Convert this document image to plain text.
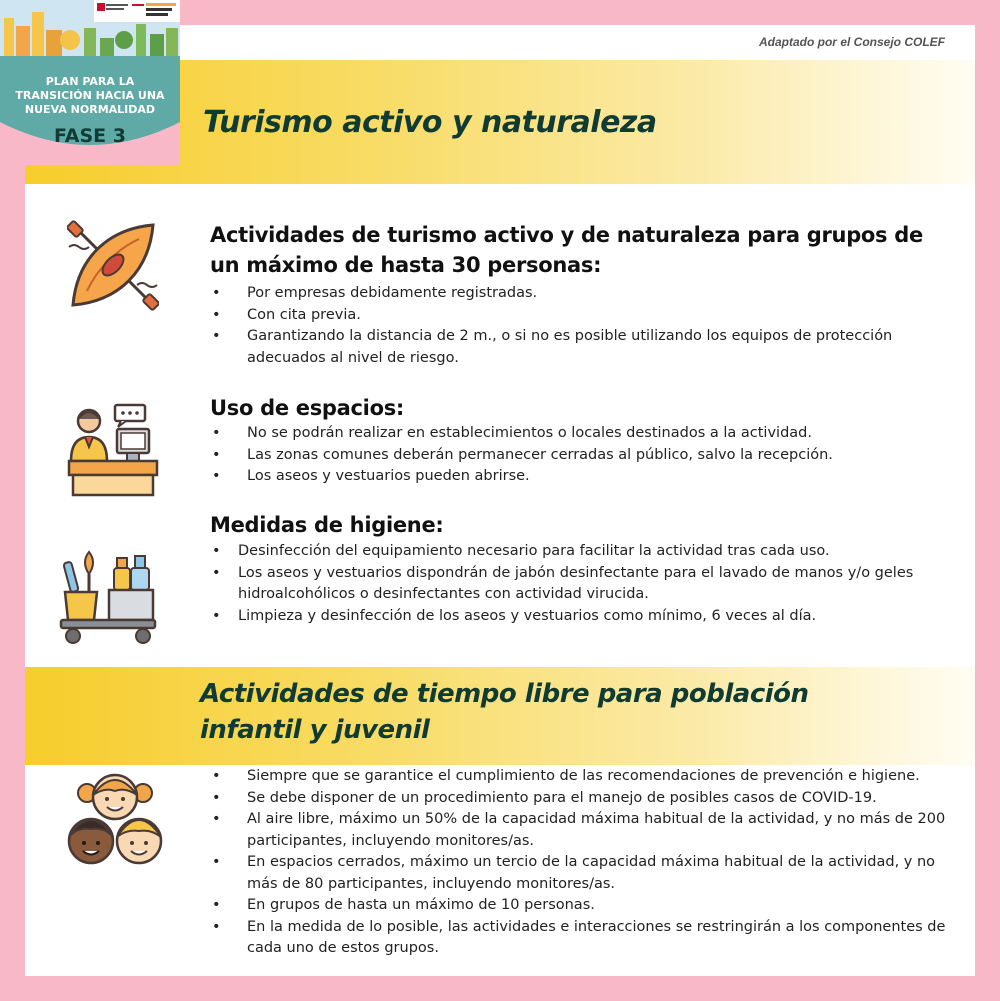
Adaptado por el Consejo COLEF
Turismo activo y naturaleza

Actividades de turismo activo y de naturaleza para grupos de un máximo de hasta 30 personas:

• Por empresas debidamente registradas.
• Con cita previa.
• Garantizando la distancia de 2 m., o si no es posible utilizando los equipos de protección adecuados al nivel de riesgo.

Uso de espacios:

• No se podrán realizar en establecimientos o locales destinados a la actividad.
• Las zonas comunes deberán permanecer cerradas al público, salvo la recepción.
• Los aseos y vestuarios pueden abrirse.

Medidas de higiene:

• Desinfección del equipamiento necesario para facilitar la actividad tras cada uso.
• Los aseos y vestuarios dispondrán de jabón desinfectante para el lavado de manos y/o geles hidroalcohólicos o desinfectantes con actividad virucida.
• Limpieza y desinfección de los aseos y vestuarios como mínimo, 6 veces al día.
Actividades de tiempo libre para población
infantil y juvenil
• Siempre que se garantice el cumplimiento de las recomendaciones de prevención e higiene.
• Se debe disponer de un procedimiento para el manejo de posibles casos de COVID-19.
• Al aire libre, máximo un 50% de la capacidad máxima habitual de la actividad, y no más de 200 participantes, incluyendo monitores/as.
• En espacios cerrados, máximo un tercio de la capacidad máxima habitual de la actividad, y no más de 80 participantes, incluyendo monitores/as.
• En grupos de hasta un máximo de 10 personas.
• En la medida de lo posible, las actividades e interacciones se restringirán a los componentes de cada uno de estos grupos.
PLAN PARA LA
TRANSICIÓN HACIA UNA
NUEVA NORMALIDAD
FASE 3
